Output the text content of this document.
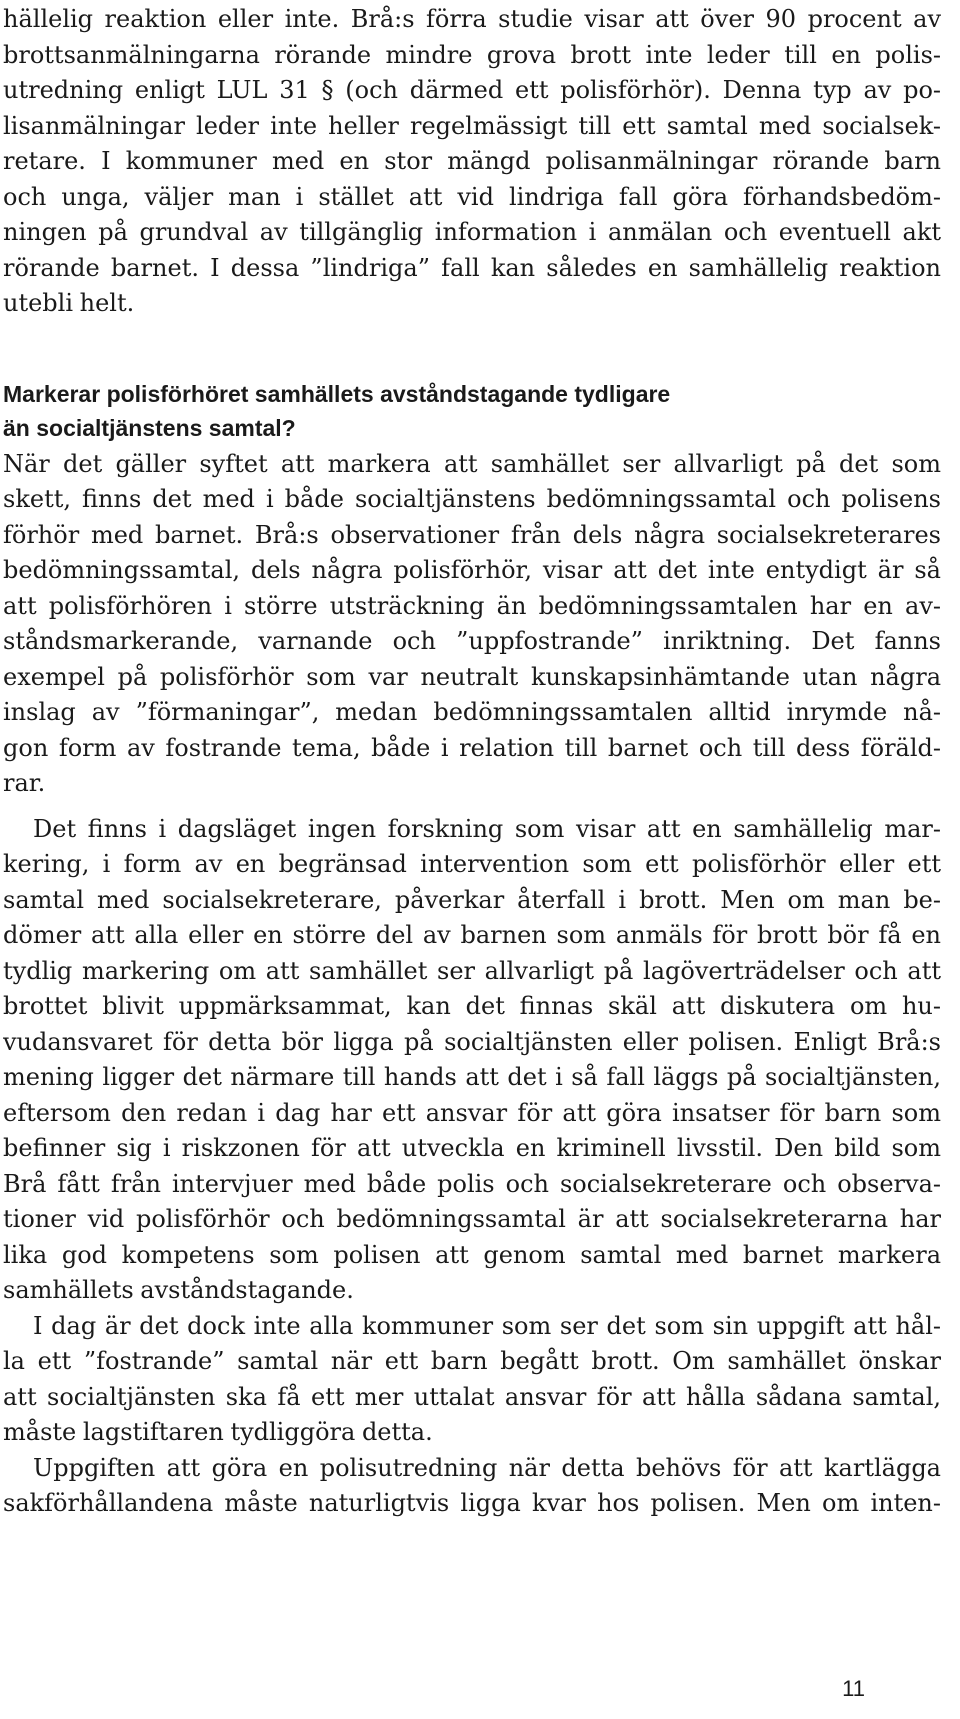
hällelig reaktion eller inte. Brå:s förra studie visar att över 90 procent av
brottsanmälningarna rörande mindre grova brott inte leder till en polis-
utredning enligt LUL 31 § (och därmed ett polisförhör). Denna typ av po-
lisanmälningar leder inte heller regelmässigt till ett samtal med socialsek-
retare. I kommuner med en stor mängd polisanmälningar rörande barn
och unga, väljer man i stället att vid lindriga fall göra förhandsbedöm-
ningen på grundval av tillgänglig information i anmälan och eventuell akt
rörande barnet. I dessa ”lindriga” fall kan således en samhällelig reaktion
utebli helt.
Markerar polisförhöret samhällets avståndstagande tydligare
än socialtjänstens samtal?
När det gäller syftet att markera att samhället ser allvarligt på det som
skett, finns det med i både socialtjänstens bedömningssamtal och polisens
förhör med barnet. Brå:s observationer från dels några socialsekreterares
bedömningssamtal, dels några polisförhör, visar att det inte entydigt är så
att polisförhören i större utsträckning än bedömningssamtalen har en av-
ståndsmarkerande, varnande och ”uppfostrande” inriktning. Det fanns
exempel på polisförhör som var neutralt kunskapsinhämtande utan några
inslag av ”förmaningar”, medan bedömningssamtalen alltid inrymde nå-
gon form av fostrande tema, både i relation till barnet och till dess föräld-
rar.
Det finns i dagsläget ingen forskning som visar att en samhällelig mar-
kering, i form av en begränsad intervention som ett polisförhör eller ett
samtal med socialsekreterare, påverkar återfall i brott. Men om man be-
dömer att alla eller en större del av barnen som anmäls för brott bör få en
tydlig markering om att samhället ser allvarligt på lagöverträdelser och att
brottet blivit uppmärksammat, kan det finnas skäl att diskutera om hu-
vudansvaret för detta bör ligga på socialtjänsten eller polisen. Enligt Brå:s
mening ligger det närmare till hands att det i så fall läggs på socialtjänsten,
eftersom den redan i dag har ett ansvar för att göra insatser för barn som
befinner sig i riskzonen för att utveckla en kriminell livsstil. Den bild som
Brå fått från intervjuer med både polis och socialsekreterare och observa-
tioner vid polisförhör och bedömningssamtal är att socialsekreterarna har
lika god kompetens som polisen att genom samtal med barnet markera
samhällets avståndstagande.
I dag är det dock inte alla kommuner som ser det som sin uppgift att hål-
la ett ”fostrande” samtal när ett barn begått brott. Om samhället önskar
att socialtjänsten ska få ett mer uttalat ansvar för att hålla sådana samtal,
måste lagstiftaren tydliggöra detta.
Uppgiften att göra en polisutredning när detta behövs för att kartlägga
sakförhållandena måste naturligtvis ligga kvar hos polisen. Men om inten-
11
